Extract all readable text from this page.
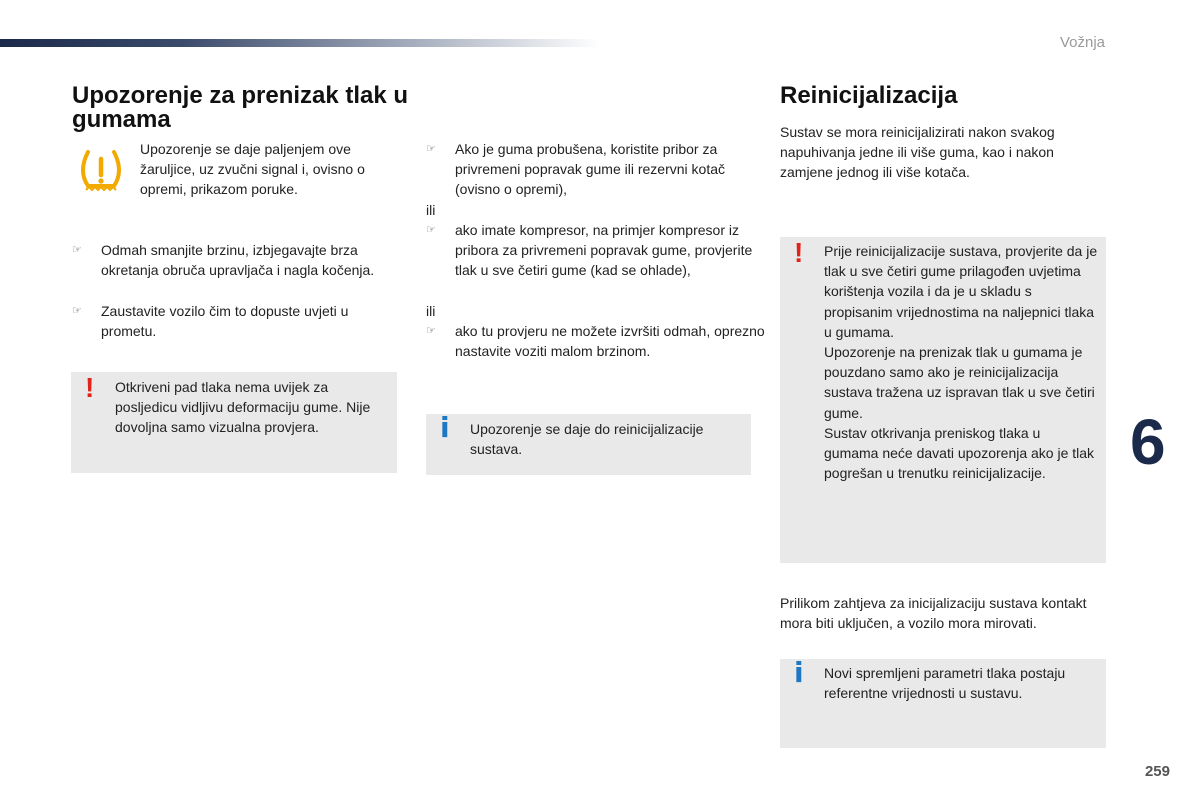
Vožnja
6
259
Upozorenje za prenizak tlak u gumama
Upozorenje se daje paljenjem ove žaruljice, uz zvučni signal i, ovisno o opremi, prikazom poruke.
☞ Odmah smanjite brzinu, izbjegavajte brza okretanja obruča upravljača i nagla kočenja.
☞ Zaustavite vozilo čim to dopuste uvjeti u prometu.
! Otkriveni pad tlaka nema uvijek za posljedicu vidljivu deformaciju gume. Nije dovoljna samo vizualna provjera.
☞ Ako je guma probušena, koristite pribor za privremeni popravak gume ili rezervni kotač (ovisno o opremi),
ili
☞ ako imate kompresor, na primjer kompresor iz pribora za privremeni popravak gume, provjerite tlak u sve četiri gume (kad se ohlade),
ili
☞ ako tu provjeru ne možete izvršiti odmah, oprezno nastavite voziti malom brzinom.
i Upozorenje se daje do reinicijalizacije sustava.
Reinicijalizacija
Sustav se mora reinicijalizirati nakon svakog napuhivanja jedne ili više guma, kao i nakon zamjene jednog ili više kotača.
! Prije reinicijalizacije sustava, provjerite da je tlak u sve četiri gume prilagođen uvjetima korištenja vozila i da je u skladu s propisanim vrijednostima na naljepnici tlaka u gumama.
Upozorenje na prenizak tlak u gumama je pouzdano samo ako je reinicijalizacija sustava tražena uz ispravan tlak u sve četiri gume.
Sustav otkrivanja preniskog tlaka u gumama neće davati upozorenja ako je tlak pogrešan u trenutku reinicijalizacije.
Prilikom zahtjeva za inicijalizaciju sustava kontakt mora biti uključen, a vozilo mora mirovati.
i Novi spremljeni parametri tlaka postaju referentne vrijednosti u sustavu.
